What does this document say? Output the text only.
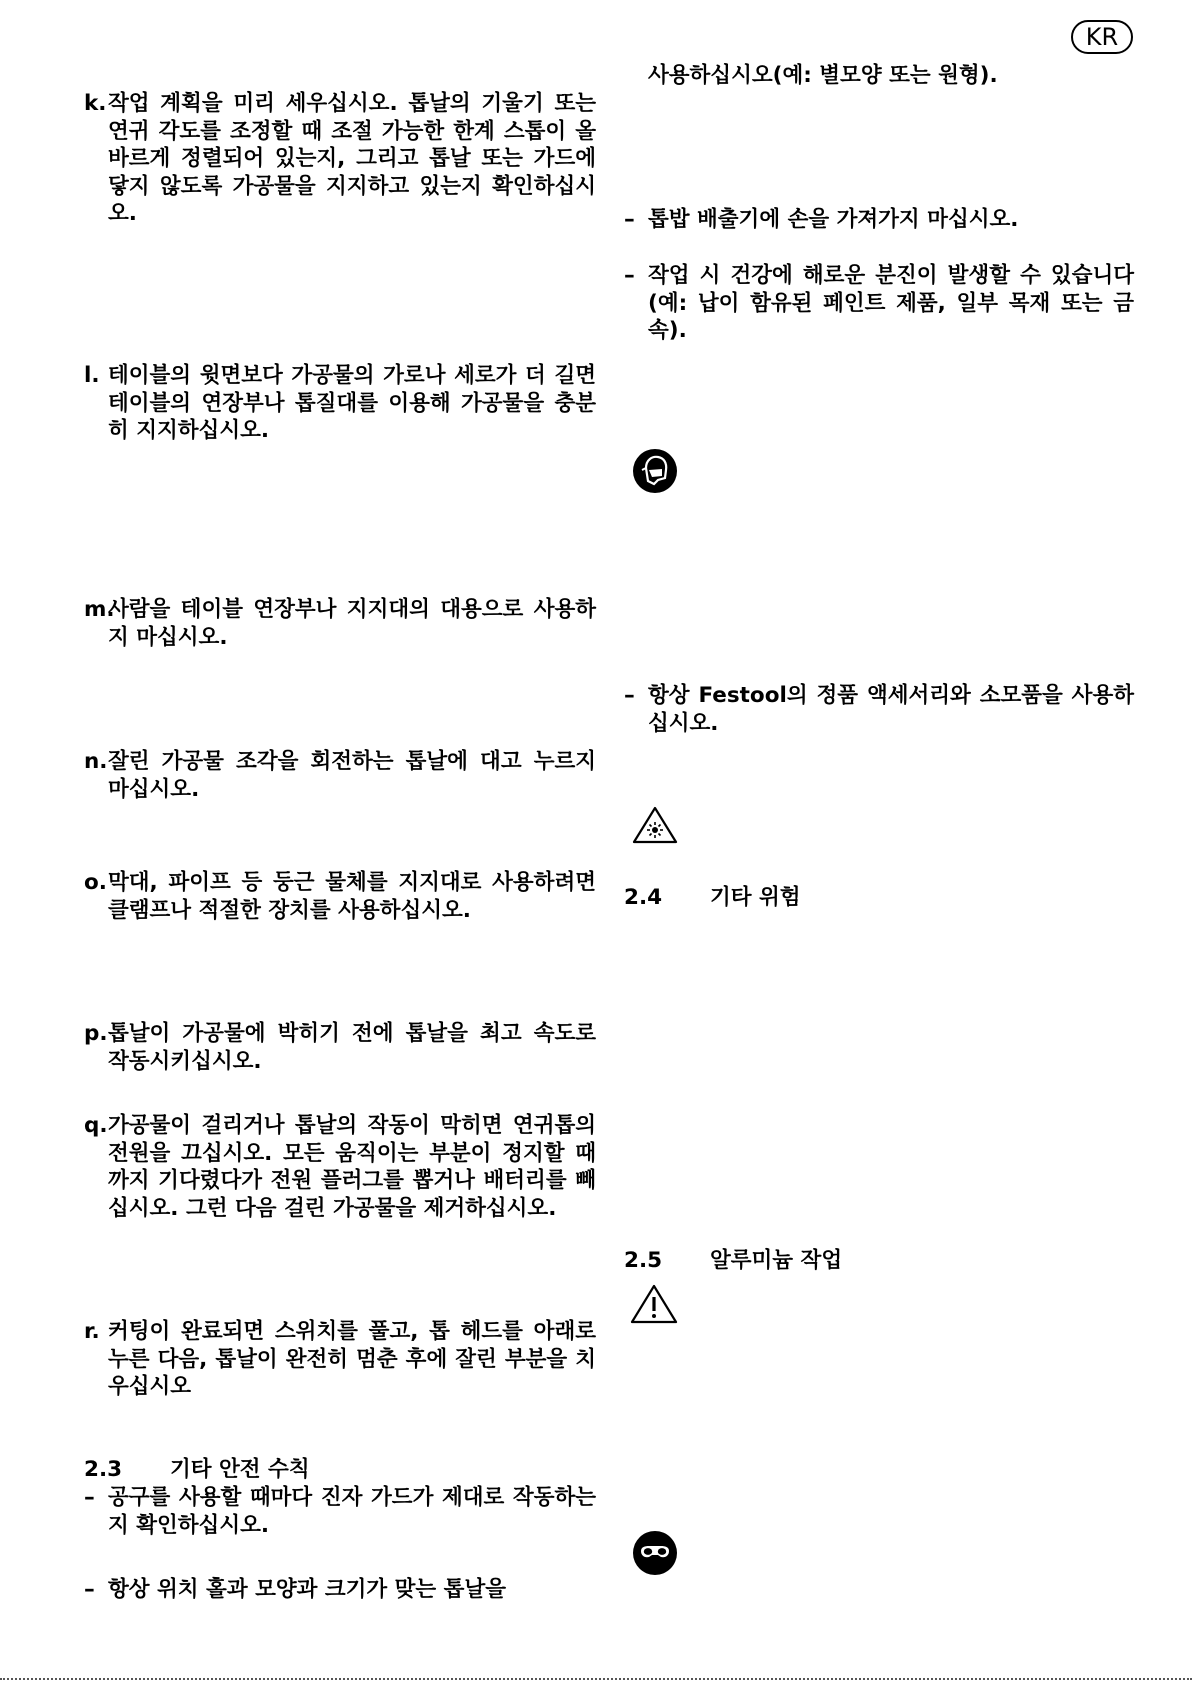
KR
k. 작업 계획을 미리 세우십시오. 톱날의 기울기 또는 연귀 각도를 조정할 때 조절 가능한 한계 스톱이 올바르게 정렬되어 있는지, 그리고 톱날 또는 가드에 닿지 않도록 가공물을 지지하고 있는지 확인하십시오.
l. 테이블의 윗면보다 가공물의 가로나 세로가 더 길면 테이블의 연장부나 톱질대를 이용해 가공물을 충분히 지지하십시오.
m.
사람을 테이블 연장부나 지지대의 대용으로 사용하지 마십시오.
n. 잘린 가공물 조각을 회전하는 톱날에 대고 누르지 마십시오.
o. 막대, 파이프 등 둥근 물체를 지지대로 사용하려면 클램프나 적절한 장치를 사용하십시오.
p. 톱날이 가공물에 박히기 전에 톱날을 최고 속도로 작동시키십시오.
q. 가공물이 걸리거나 톱날의 작동이 막히면 연귀톱의 전원을 끄십시오. 모든 움직이는 부분이 정지할 때까지 기다렸다가 전원 플러그를 뽑거나 배터리를 빼십시오. 그런 다음 걸린 가공물을 제거하십시오.
r. 커팅이 완료되면 스위치를 풀고, 톱 헤드를 아래로 누른 다음, 톱날이 완전히 멈춘 후에 잘린 부분을 치우십시오
2.3 기타 안전 수칙
– 공구를 사용할 때마다 진자 가드가 제대로 작동하는지 확인하십시오.
– 항상 위치 홀과 모양과 크기가 맞는 톱날을
사용하십시오(예: 별모양 또는 원형).
– 톱밥 배출기에 손을 가져가지 마십시오.
– 작업 시 건강에 해로운 분진이 발생할 수 있습니다(예: 납이 함유된 페인트 제품, 일부 목재 또는 금속).
– 항상 Festool의 정품 액세서리와 소모품을 사용하십시오.
2.4 기타 위험
2.5 알루미늄 작업
